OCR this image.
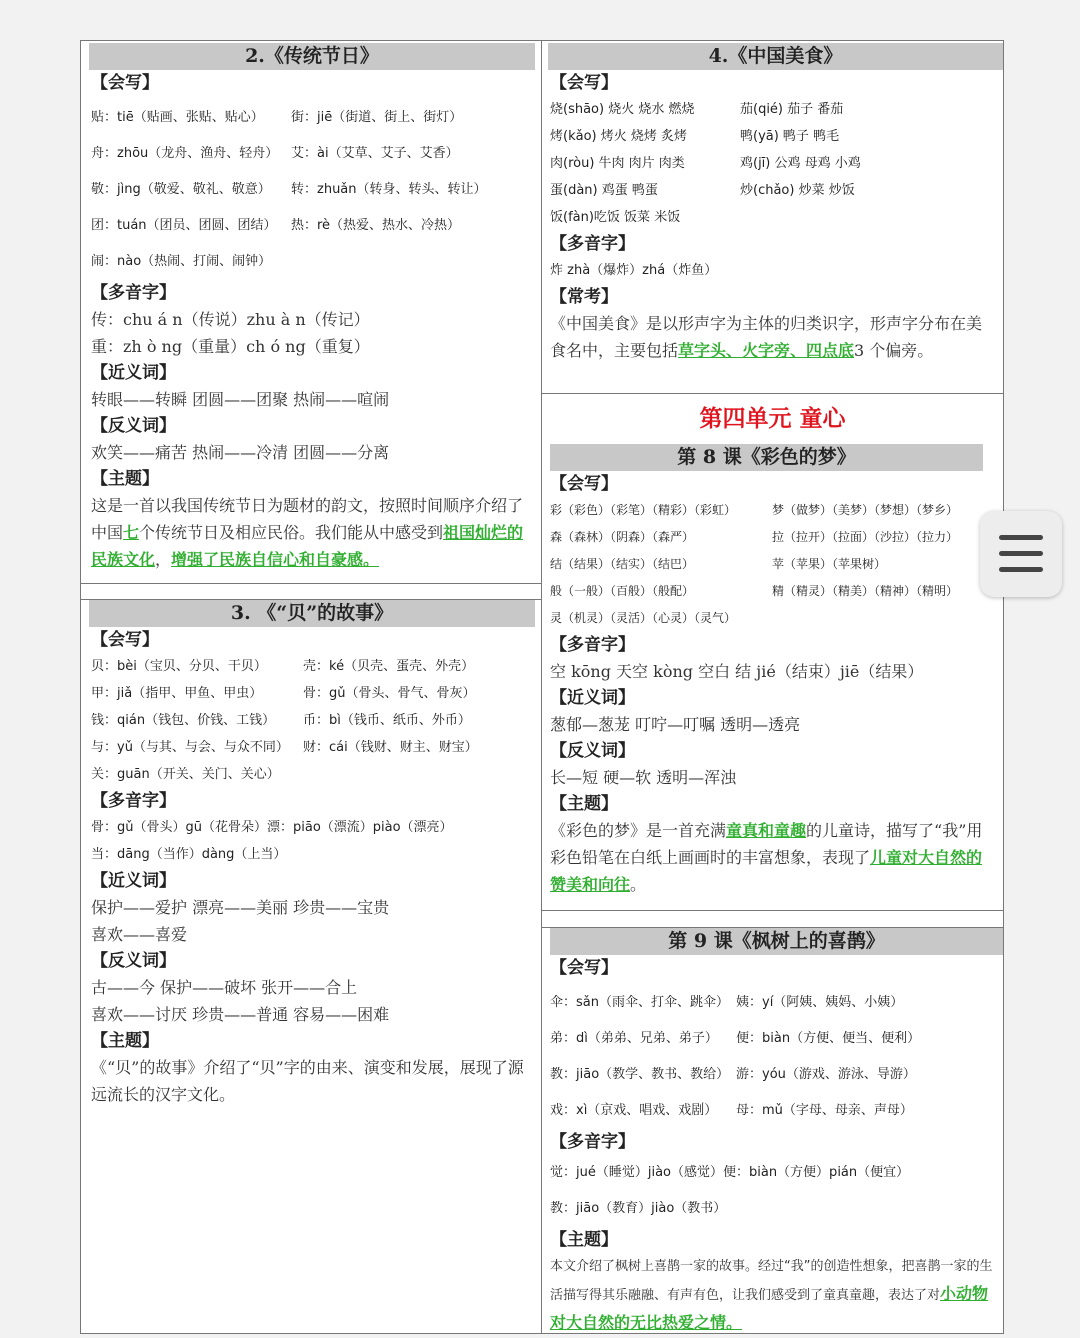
2.《传统节日》
【会写】
贴：tiē（贴画、张贴、贴心） 街：jiē（街道、街上、街灯）
舟：zhōu（龙舟、渔舟、轻舟） 艾：ài（艾草、艾子、艾香）
敬：jìng（敬爱、敬礼、敬意） 转：zhuǎn（转身、转头、转让）
团：tuán（团员、团圆、团结） 热：rè（热爱、热水、冷热）
闹：nào（热闹、打闹、闹钟）
【多音字】
传：chu á n（传说）zhu à n（传记）
重：zh ò ng（重量）ch ó ng（重复）
【近义词】
转眼——转瞬 团圆——团聚 热闹——喧闹
【反义词】
欢笑——痛苦 热闹——冷清 团圆——分离
【主题】
这是一首以我国传统节日为题材的韵文，按照时间顺序介绍了中国七个传统节日及相应民俗。我们能从中感受到祖国灿烂的民族文化，增强了民族自信心和自豪感。
3. 《“贝”的故事》
【会写】
贝：bèi（宝贝、分贝、干贝）	壳：ké（贝壳、蛋壳、外壳）
甲：jiǎ（指甲、甲鱼、甲虫）	骨：gǔ（骨头、骨气、骨灰）
钱：qián（钱包、价钱、工钱） 币：bì（钱币、纸币、外币）
与：yǔ（与其、与会、与众不同） 财：cái（钱财、财主、财宝）
关：guān（开关、关门、关心）
【多音字】
骨：gǔ（骨头）gū（花骨朵）漂：piāo（漂流）piào（漂亮）
当：dāng（当作）dàng（上当）
【近义词】
保护——爱护 漂亮——美丽 珍贵——宝贵
喜欢——喜爱
【反义词】
古——今 保护——破坏 张开——合上
喜欢——讨厌 珍贵——普通 容易——困难
【主题】
《“贝”的故事》介绍了“贝”字的由来、演变和发展，展现了源远流长的汉字文化。
4.《中国美食》
【会写】
烧(shāo) 烧火 烧水 燃烧	茄(qié) 茄子 番茄
烤(kǎo) 烤火 烧烤 炙烤	鸭(yā) 鸭子 鸭毛
肉(ròu) 牛肉 肉片 肉类	鸡(jī) 公鸡 母鸡 小鸡
蛋(dàn) 鸡蛋 鸭蛋	炒(chǎo) 炒菜 炒饭
饭(fàn)吃饭 饭菜 米饭
【多音字】
炸 zhà（爆炸）zhá（炸鱼）
【常考】
《中国美食》是以形声字为主体的归类识字，形声字分布在美食名中，主要包括草字头、火字旁、四点底3 个偏旁。
第四单元 童心
第 8 课《彩色的梦》
【会写】
彩（彩色）（彩笔）（精彩）（彩虹）	梦（做梦）（美梦）（梦想）（梦乡）
森（森林）（阴森）（森严）	拉（拉开）（拉面）（沙拉）（拉力）
结（结果）（结实）（结巴）	苹（苹果）（苹果树）
般（一般）（百般）（般配）	精（精灵）（精美）（精神）（精明）
灵（机灵）（灵活）（心灵）（灵气）
【多音字】
空 kōng 天空 kòng 空白 结 jié（结束）jiē（结果）
【近义词】
葱郁—葱茏 叮咛—叮嘱 透明—透亮
【反义词】
长—短 硬—软 透明—浑浊
【主题】
《彩色的梦》是一首充满童真和童趣的儿童诗，描写了“我”用彩色铅笔在白纸上画画时的丰富想象，表现了儿童对大自然的赞美和向往。
第 9 课《枫树上的喜鹊》
【会写】
伞：sǎn（雨伞、打伞、跳伞） 姨：yí（阿姨、姨妈、小姨）
弟：dì（弟弟、兄弟、弟子） 便：biàn（方便、便当、便利）
教：jiāo（教学、教书、教给） 游：yóu（游戏、游泳、导游）
戏：xì（京戏、唱戏、戏剧） 母：mǔ（字母、母亲、声母）
【多音字】
觉：jué（睡觉）jiào（感觉）便：biàn（方便）pián（便宜）
教：jiāo（教育）jiào（教书）
【主题】
本文介绍了枫树上喜鹊一家的故事。经过“我”的创造性想象，把喜鹊一家的生活描写得其乐融融、有声有色，让我们感受到了童真童趣，表达了对小动物对大自然的无比热爱之情。
